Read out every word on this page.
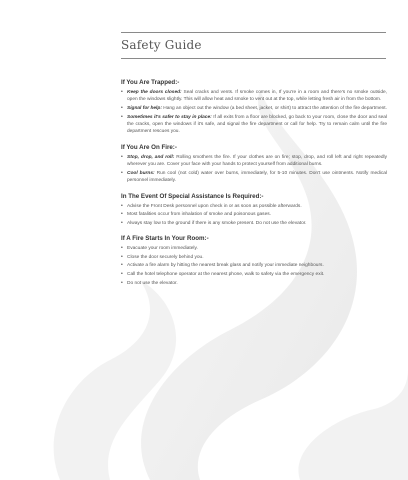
Safety Guide
If You Are Trapped:-
• Keep the doors closed: Seal cracks and vents. If smoke comes in, If you're in a room and there's no smoke outside, open the windows slightly. This will allow heat and smoke to vent out at the top, while letting fresh air in from the bottom.
• Signal for help: Hang an object out the window (a bed sheet, jacket, or shirt) to attract the attention of the fire department.
• Sometimes it's safer to stay in place: If all exits from a floor are blocked, go back to your room, close the door and seal the cracks, open the windows if it's safe, and signal the fire department or call for help. Try to remain calm until the fire department rescues you.
If You Are On Fire:-
• Stop, drop, and roll: Rolling smothers the fire. If your clothes are on fire; stop, drop, and roll left and right repeatedly wherever you are. Cover your face with your hands to protect yourself from additional burns.
• Cool burns: Run cool (not cold) water over burns, immediately, for 5-10 minutes. Don't use ointments. Notify medical personnel immediately.
In The Event Of Special Assistance Is Required:-
• Advise the Front Desk personnel upon check in or as soon as possible afterwards.
• Most fatalities occur from inhalation of smoke and poisonous gases.
• Always stay low to the ground if there is any smoke present. Do not use the elevator.
If A Fire Starts In Your Room:-
• Evacuate your room immediately.
• Close the door securely behind you.
• Activate a fire alarm by hitting the nearest break glass and notify your immediate neighbours.
• Call the hotel telephone operator at the nearest phone, walk to safety via the emergency exit.
• Do not use the elevator.
